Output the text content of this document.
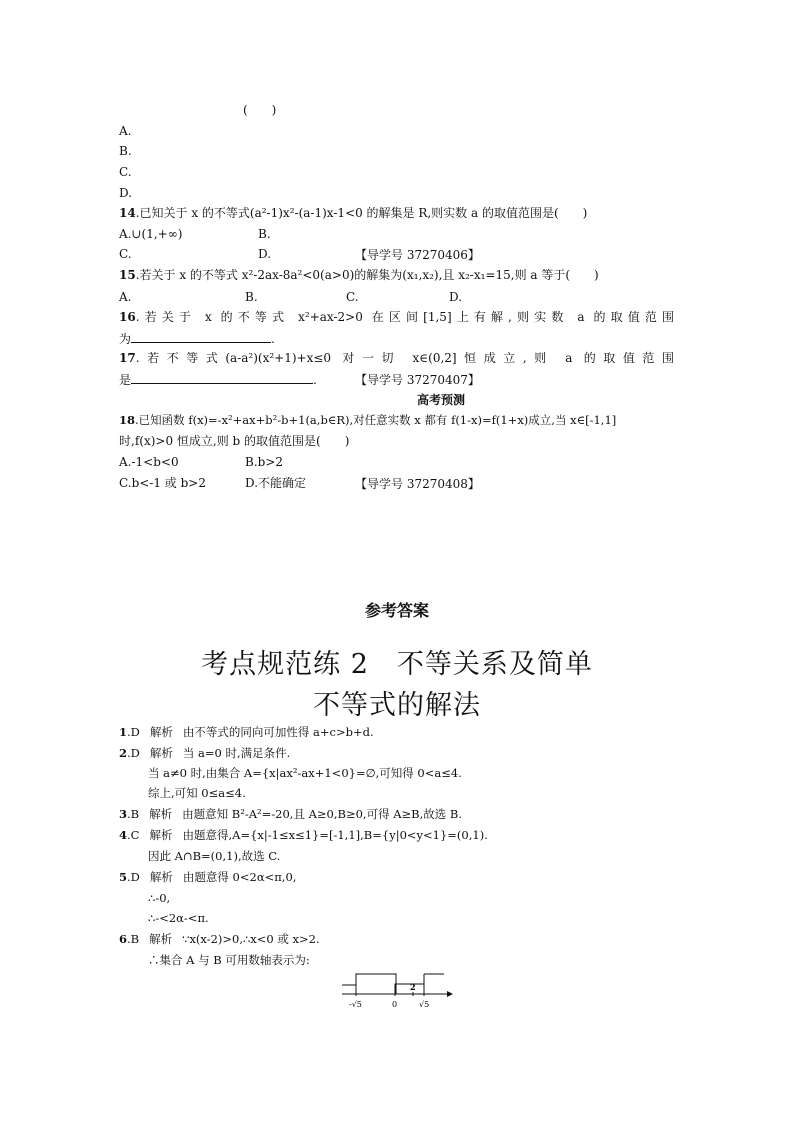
(　　)
A.
B.
C.
D.
14.已知关于 x 的不等式(a²-1)x²-(a-1)x-1<0 的解集是 R,则实数 a 的取值范围是(　　)
A.∪(1,+∞)	B.
C.	D.	【导学号 37270406】
15.若关于 x 的不等式 x²-2ax-8a²<0(a>0)的解集为(x₁,x₂),且 x₂-x₁=15,则 a 等于(　　)
A.	B.	C.	D.
16.若关于 x 的不等式 x²+ax-2>0 在区间[1,5]上有解,则实数 a 的取值范围
为	.
17.若不等式(a-a²)(x²+1)+x≤0 对一切 x∈(0,2]恒成立,则 a 的取值范围
是	.	【导学号 37270407】
高考预测
18.已知函数 f(x)=-x²+ax+b²-b+1(a,b∈R),对任意实数 x 都有 f(1-x)=f(1+x)成立,当 x∈[-1,1]
时,f(x)>0 恒成立,则 b 的取值范围是(　　)
A.-1<b<0	B.b>2
C.b<-1 或 b>2	D.不能确定	【导学号 37270408】
参考答案
考点规范练 2　不等关系及简单
不等式的解法
1.D 解析 由不等式的同向可加性得 a+c>b+d.
2.D 解析 当 a=0 时,满足条件.
当 a≠0 时,由集合 A={x|ax²-ax+1<0}=∅,可知得 0<a≤4.
综上,可知 0≤a≤4.
3.B 解析 由题意知 B²-A²=-20,且 A≥0,B≥0,可得 A≥B,故选 B.
4.C 解析 由题意得,A={x|-1≤x≤1}=[-1,1],B={y|0<y<1}=(0,1).
因此 A∩B=(0,1),故选 C.
5.D 解析 由题意得 0<2α<π,0,
∴-0,
∴-<2α-<π.
6.B 解析 ∵x(x-2)>0,∴x<0 或 x>2.
∴集合 A 与 B 可用数轴表示为:
-√5	0
2
√5
